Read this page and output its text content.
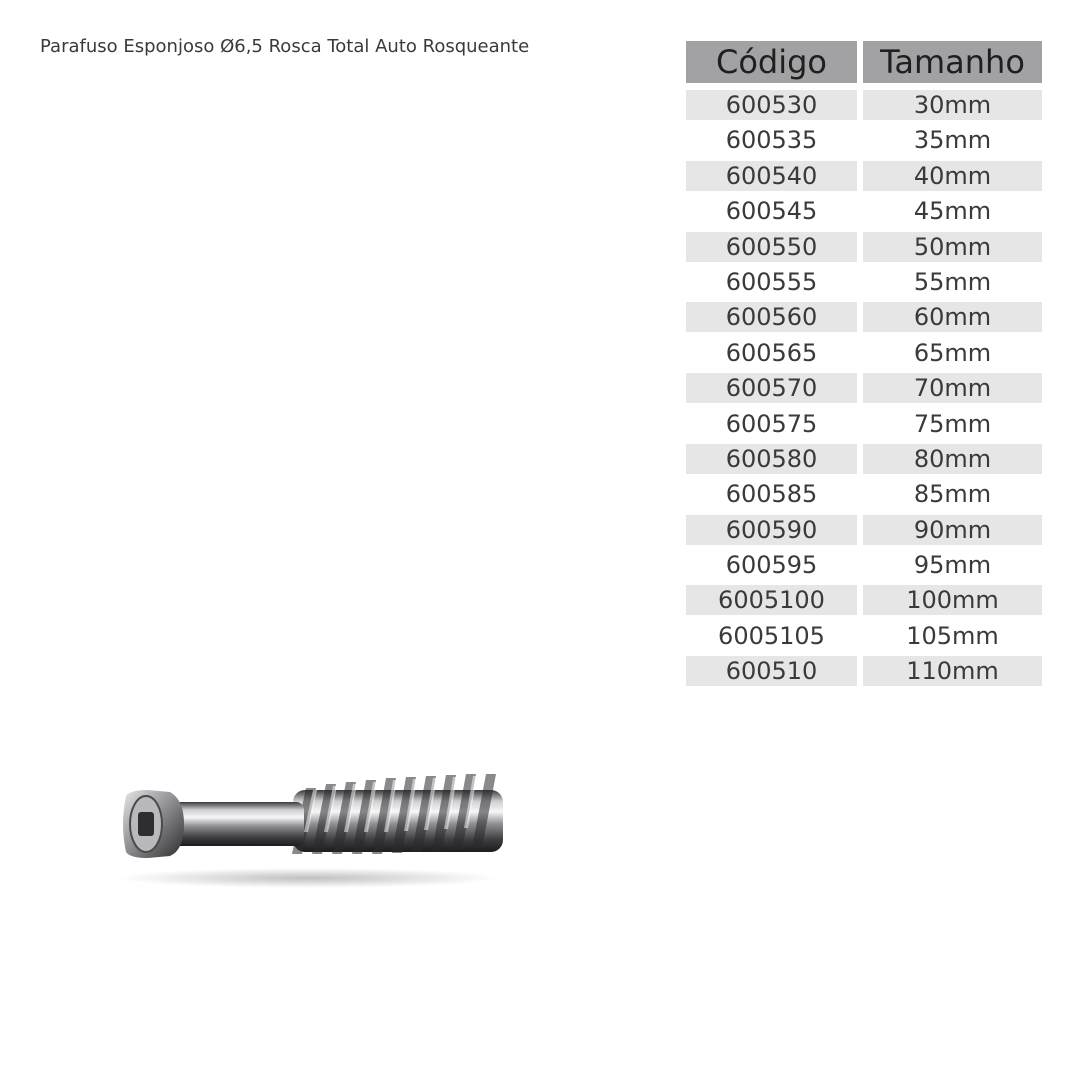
Parafuso Esponjoso Ø6,5 Rosca Total Auto Rosqueante	Código	Tamanho
600530	30mm
600535	35mm
600540	40mm
600545	45mm
600550	50mm
600555	55mm
600560	60mm
600565	65mm
600570	70mm
600575	75mm
600580	80mm
600585	85mm
600590	90mm
600595	95mm
6005100	100mm
6005105	105mm
600510	110mm
